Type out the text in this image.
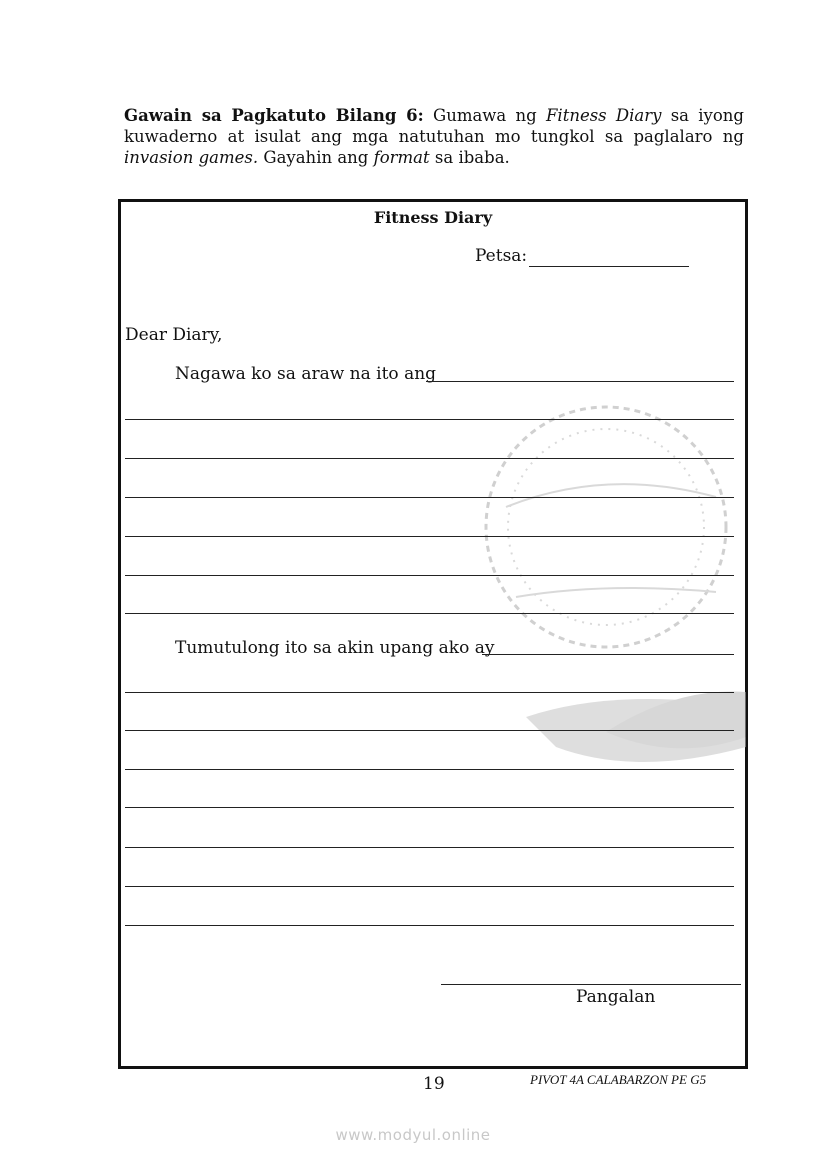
Gawain sa Pagkatuto Bilang 6: Gumawa ng Fitness Diary sa iyong kuwaderno at isulat ang mga natutuhan mo tungkol sa paglalaro ng invasion games. Gayahin ang format sa ibaba.
Fitness Diary
Petsa:
Dear Diary,
Nagawa ko sa araw na ito ang
Tumutulong ito sa akin upang ako ay
Pangalan
19	PIVOT 4A CALABARZON PE G5
www.modyul.online
